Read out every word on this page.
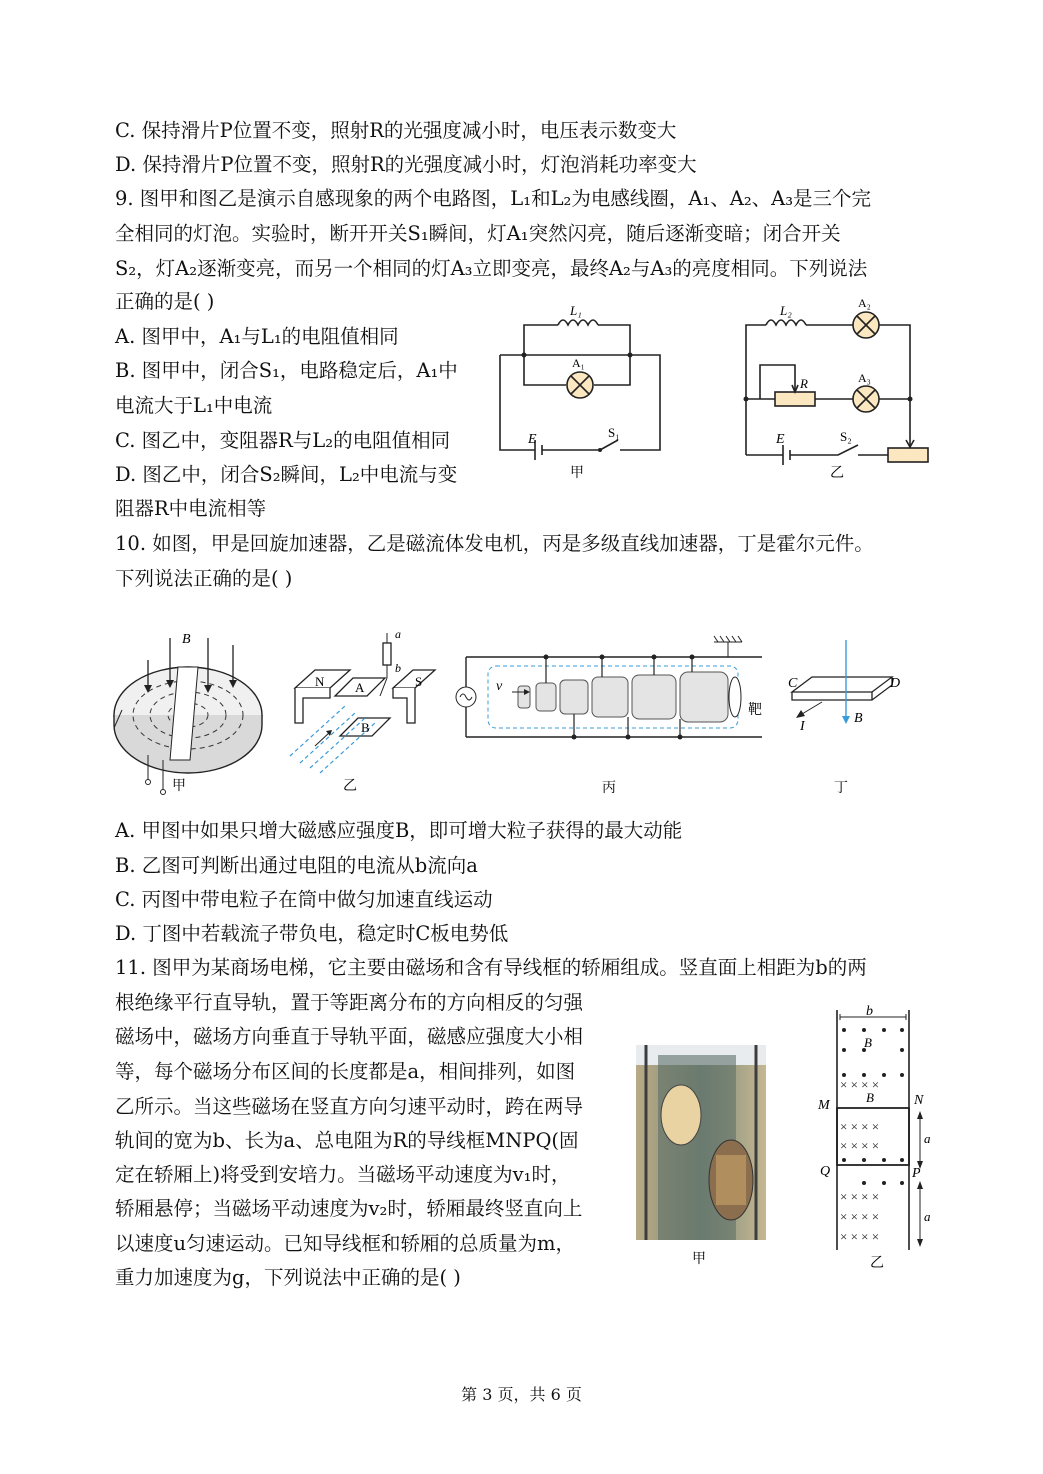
C. 保持滑片P位置不变，照射R的光强度减小时，电压表示数变大
D. 保持滑片P位置不变，照射R的光强度减小时，灯泡消耗功率变大
9. 图甲和图乙是演示自感现象的两个电路图，L₁和L₂为电感线圈，A₁、A₂、A₃是三个完
全相同的灯泡。实验时，断开开关S₁瞬间，灯A₁突然闪亮，随后逐渐变暗；闭合开关
S₂，灯A₂逐渐变亮，而另一个相同的灯A₃立即变亮，最终A₂与A₃的亮度相同。下列说法
正确的是( )
A. 图甲中，A₁与L₁的电阻值相同
B. 图甲中，闭合S₁，电路稳定后，A₁中
电流大于L₁中电流
C. 图乙中，变阻器R与L₂的电阻值相同
D. 图乙中，闭合S₂瞬间，L₂中电流与变
阻器R中电流相等
10. 如图，甲是回旋加速器，乙是磁流体发电机，丙是多级直线加速器，丁是霍尔元件。
下列说法正确的是( )
A. 甲图中如果只增大磁感应强度B，即可增大粒子获得的最大动能
B. 乙图可判断出通过电阻的电流从b流向a
C. 丙图中带电粒子在筒中做匀加速直线运动
D. 丁图中若载流子带负电，稳定时C板电势低
11. 图甲为某商场电梯，它主要由磁场和含有导线框的轿厢组成。竖直面上相距为b的两
根绝缘平行直导轨，置于等距离分布的方向相反的匀强
磁场中，磁场方向垂直于导轨平面，磁感应强度大小相
等，每个磁场分布区间的长度都是a，相间排列，如图
乙所示。当这些磁场在竖直方向匀速平动时，跨在两导
轨间的宽为b、长为a、总电阻为R的导线框MNPQ(固
定在轿厢上)将受到安培力。当磁场平动速度为v₁时，
轿厢悬停；当磁场平动速度为v₂时，轿厢最终竖直向上
以速度u匀速运动。已知导线框和轿厢的总质量为m，
重力加速度为g，下列说法中正确的是( )
L₁
A₁
E	S₁
甲
L₂	A₂
R	A₃
E	S₂
乙
B
甲
N	S
A
B
a
b
乙
v
靶
丙
C	D
I
B
丁
甲
× × × ×
× × × ×
× × × ×
× × × ×
× × × ×
× × × ×
b
B
B
M	N
Q	P
a
a
乙
第 3 页，共 6 页
